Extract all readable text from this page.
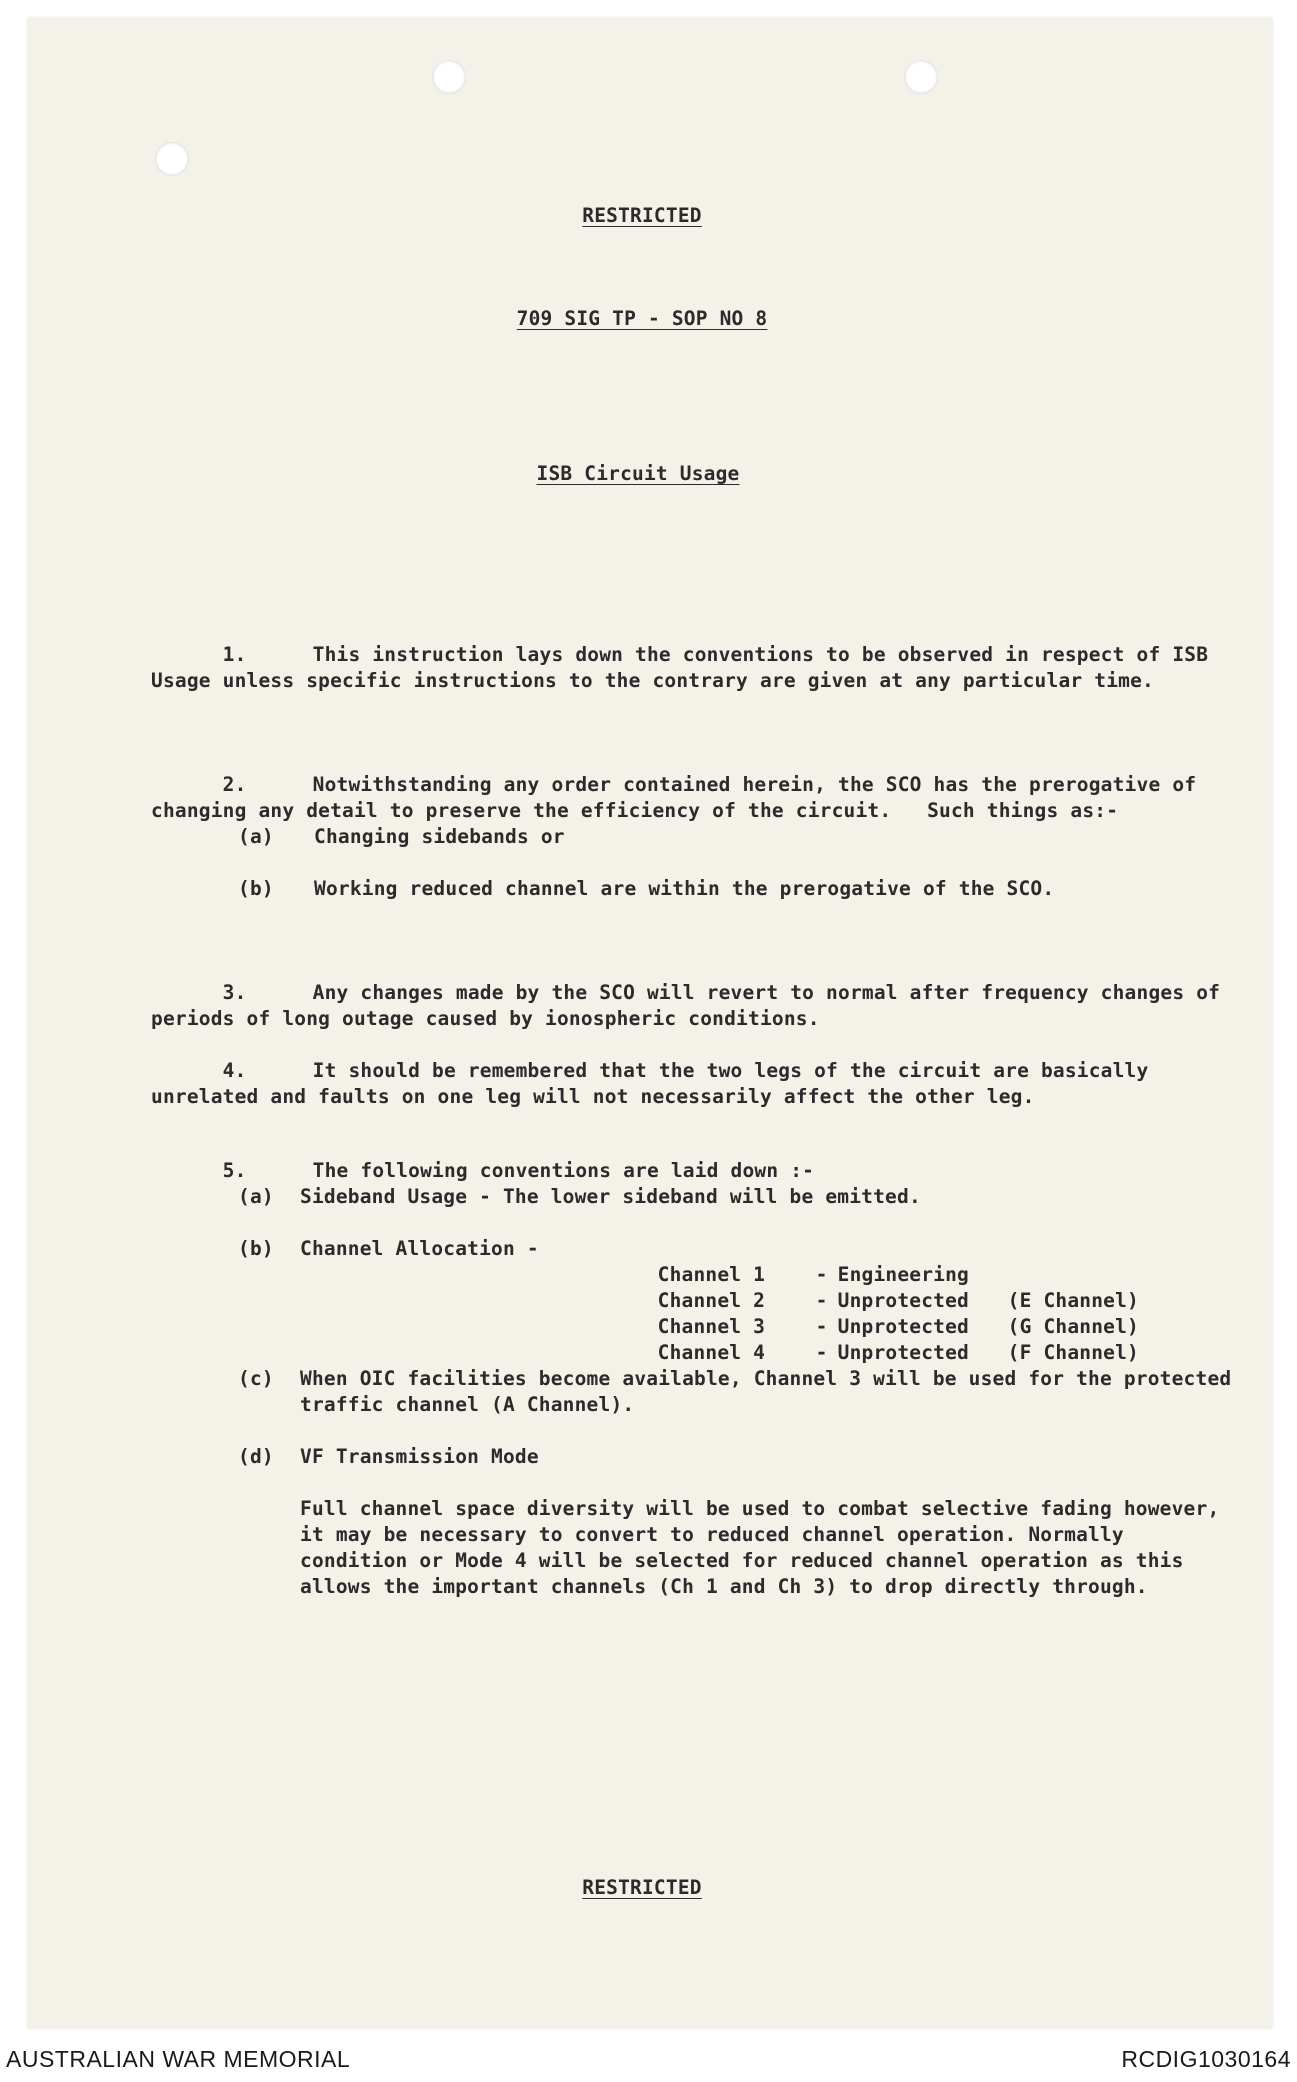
RESTRICTED
709 SIG TP - SOP NO 8
ISB Circuit Usage

1.	This instruction lays down the conventions to be observed in respect of ISB Usage unless specific instructions to the contrary are given at any particular time.

2.	Notwithstanding any order contained herein, the SCO has the prerogative of changing any detail to preserve the efficiency of the circuit.   Such things as:-

(a) Changing sidebands or
(b) Working reduced channel are within the prerogative of the SCO.

3.	Any changes made by the SCO will revert to normal after frequency changes of periods of long outage caused by ionospheric conditions.

4.	It should be remembered that the two legs of the circuit are basically unrelated and faults on one leg will not necessarily affect the other leg.

5.	The following conventions are laid down :-

(a) Sideband Usage - The lower sideband will be emitted.
(b) Channel Allocation -

Channel 1	- Engineering

Channel 2	- Unprotected (E Channel)

Channel 3	- Unprotected (G Channel)

Channel 4	- Unprotected (F Channel)

(c)	When OIC facilities become available, Channel 3 will be used for the protected traffic channel (A Channel).
(d) VF Transmission Mode
Full channel space diversity will be used to combat selective fading however, it may be necessary to convert to reduced channel operation. Normally condition or Mode 4 will be selected for reduced channel operation as this allows the important channels (Ch 1 and Ch 3) to drop directly through.
RESTRICTED
AUSTRALIAN WAR MEMORIAL	RCDIG1030164
